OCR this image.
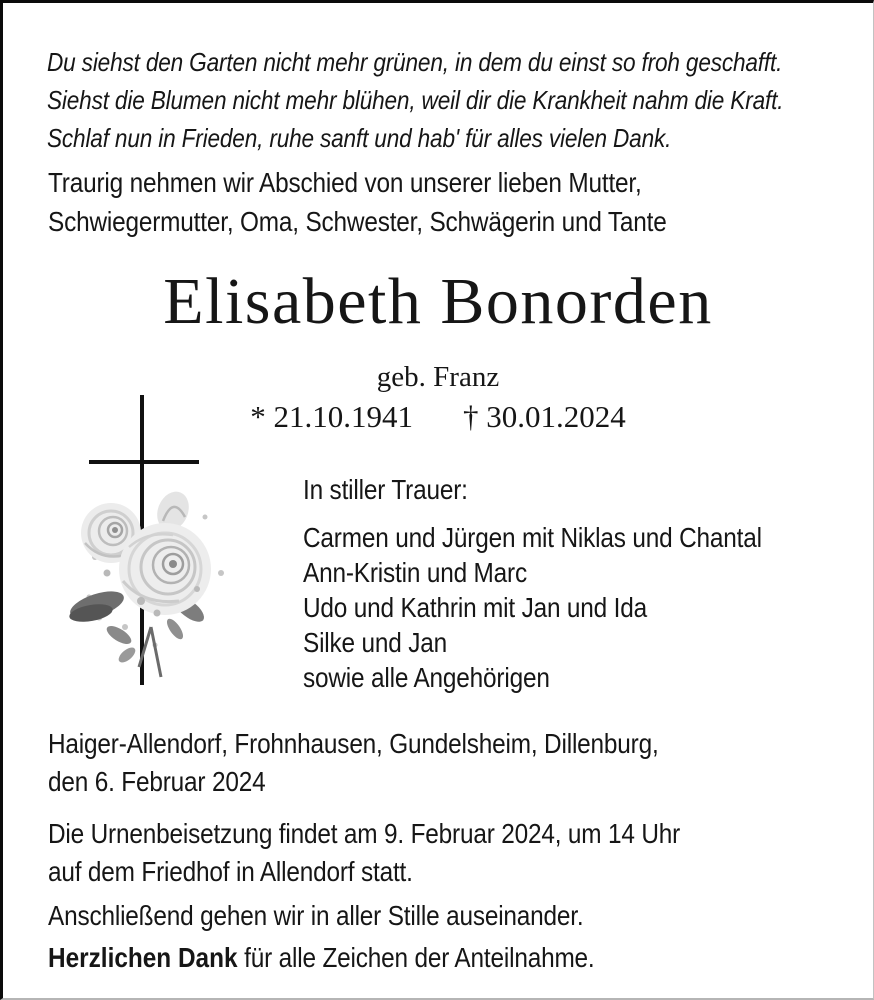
Du siehst den Garten nicht mehr grünen, in dem du einst so froh geschafft.
Siehst die Blumen nicht mehr blühen, weil dir die Krankheit nahm die Kraft.
Schlaf nun in Frieden, ruhe sanft und hab' für alles vielen Dank.
Traurig nehmen wir Abschied von unserer lieben Mutter,
Schwiegermutter, Oma, Schwester, Schwägerin und Tante
Elisabeth Bonorden
geb. Franz
* 21.10.1941 † 30.01.2024
In stiller Trauer:
Carmen und Jürgen mit Niklas und Chantal
Ann-Kristin und Marc
Udo und Kathrin mit Jan und Ida
Silke und Jan
sowie alle Angehörigen
Haiger-Allendorf, Frohnhausen, Gundelsheim, Dillenburg,
den 6. Februar 2024
Die Urnenbeisetzung findet am 9. Februar 2024, um 14 Uhr
auf dem Friedhof in Allendorf statt.
Anschließend gehen wir in aller Stille auseinander.
Herzlichen Dank für alle Zeichen der Anteilnahme.
